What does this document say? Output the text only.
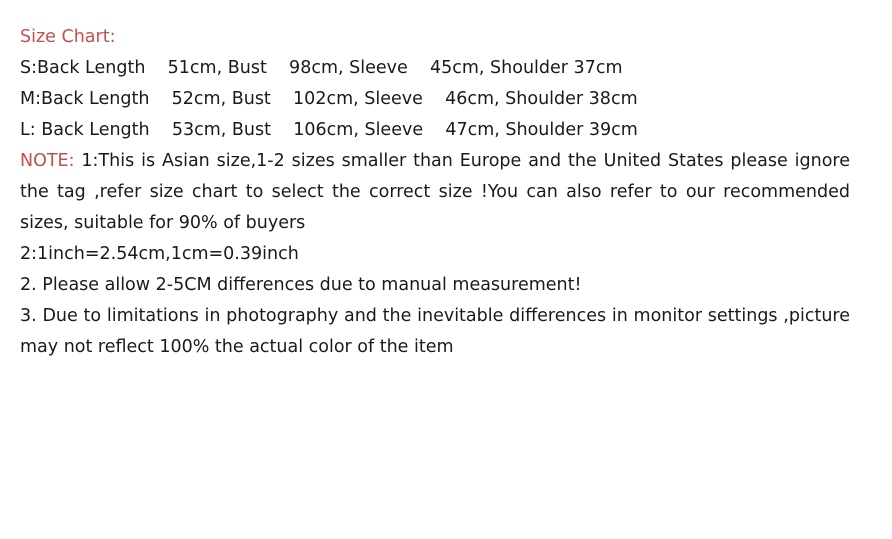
Size Chart:

S:Back Length    51cm, Bust    98cm, Sleeve    45cm, Shoulder 37cm

M:Back Length    52cm, Bust    102cm, Sleeve    46cm, Shoulder 38cm

L: Back Length    53cm, Bust    106cm, Sleeve    47cm, Shoulder 39cm

NOTE: 1:This is Asian size,1-2 sizes smaller than Europe and the United States please ignore the tag ,refer size chart to select the correct size !You can also refer to our recommended sizes, suitable for 90% of buyers

2:1inch=2.54cm,1cm=0.39inch

2. Please allow 2-5CM differences due to manual measurement!

3. Due to limitations in photography and the inevitable differences in monitor settings ,picture may not reflect 100% the actual color of the item
